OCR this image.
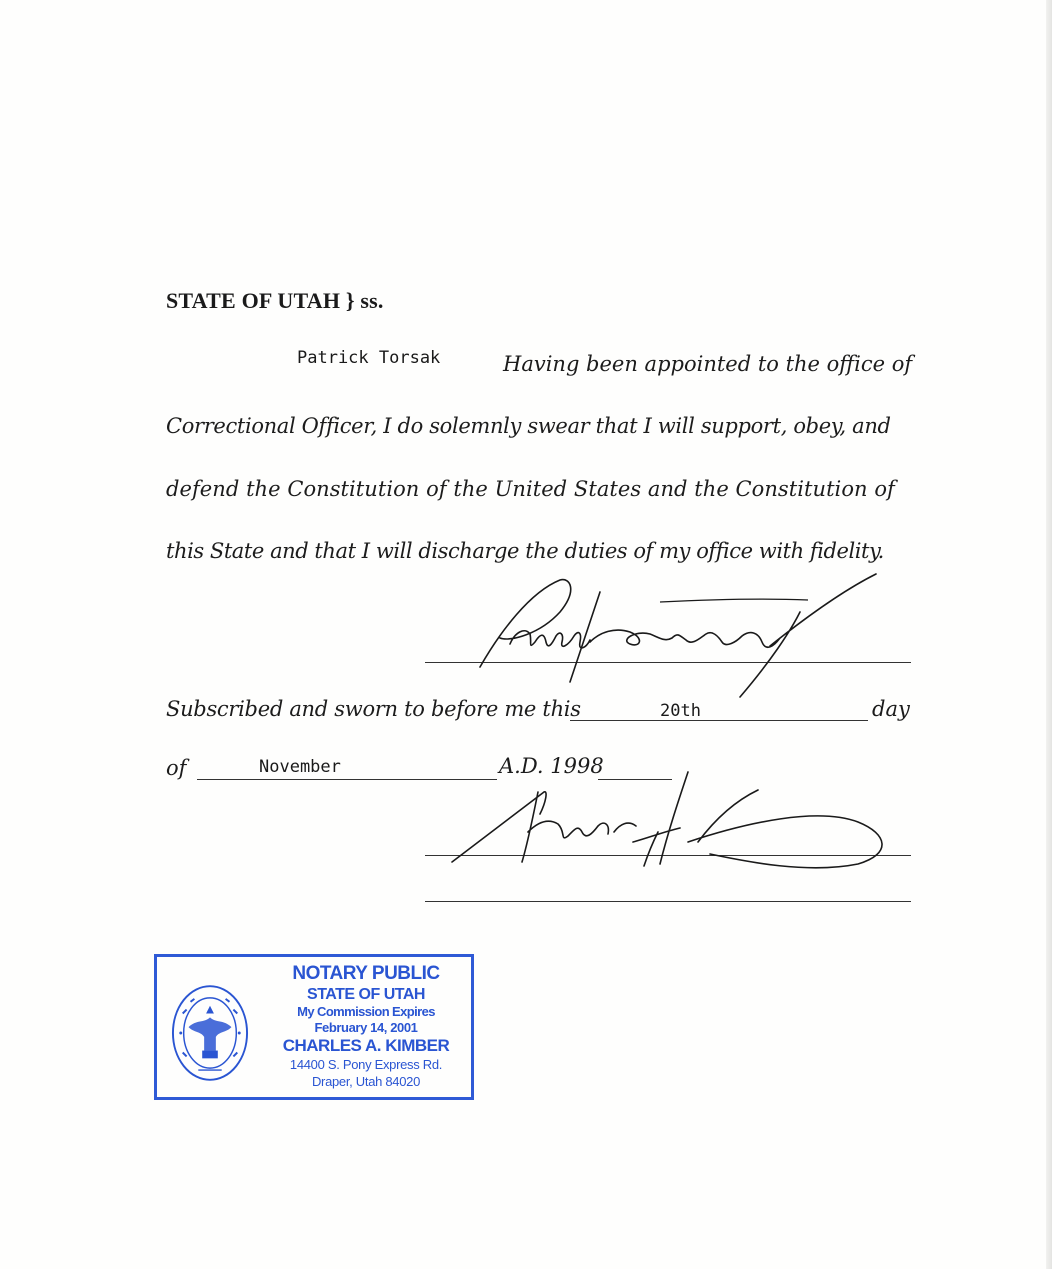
STATE OF UTAH } ss.
Patrick Torsak	Having been appointed to the office of
Correctional Officer, I do solemnly swear that I will support, obey, and
defend the Constitution of the United States and the Constitution of
this State and that I will discharge the duties of my office with fidelity.
Subscribed and sworn to before me this	20th	day
of	November	A.D. 1998
NOTARY PUBLIC
STATE OF UTAH
My Commission Expires
February 14, 2001
CHARLES A. KIMBER
14400 S. Pony Express Rd.
Draper, Utah 84020
